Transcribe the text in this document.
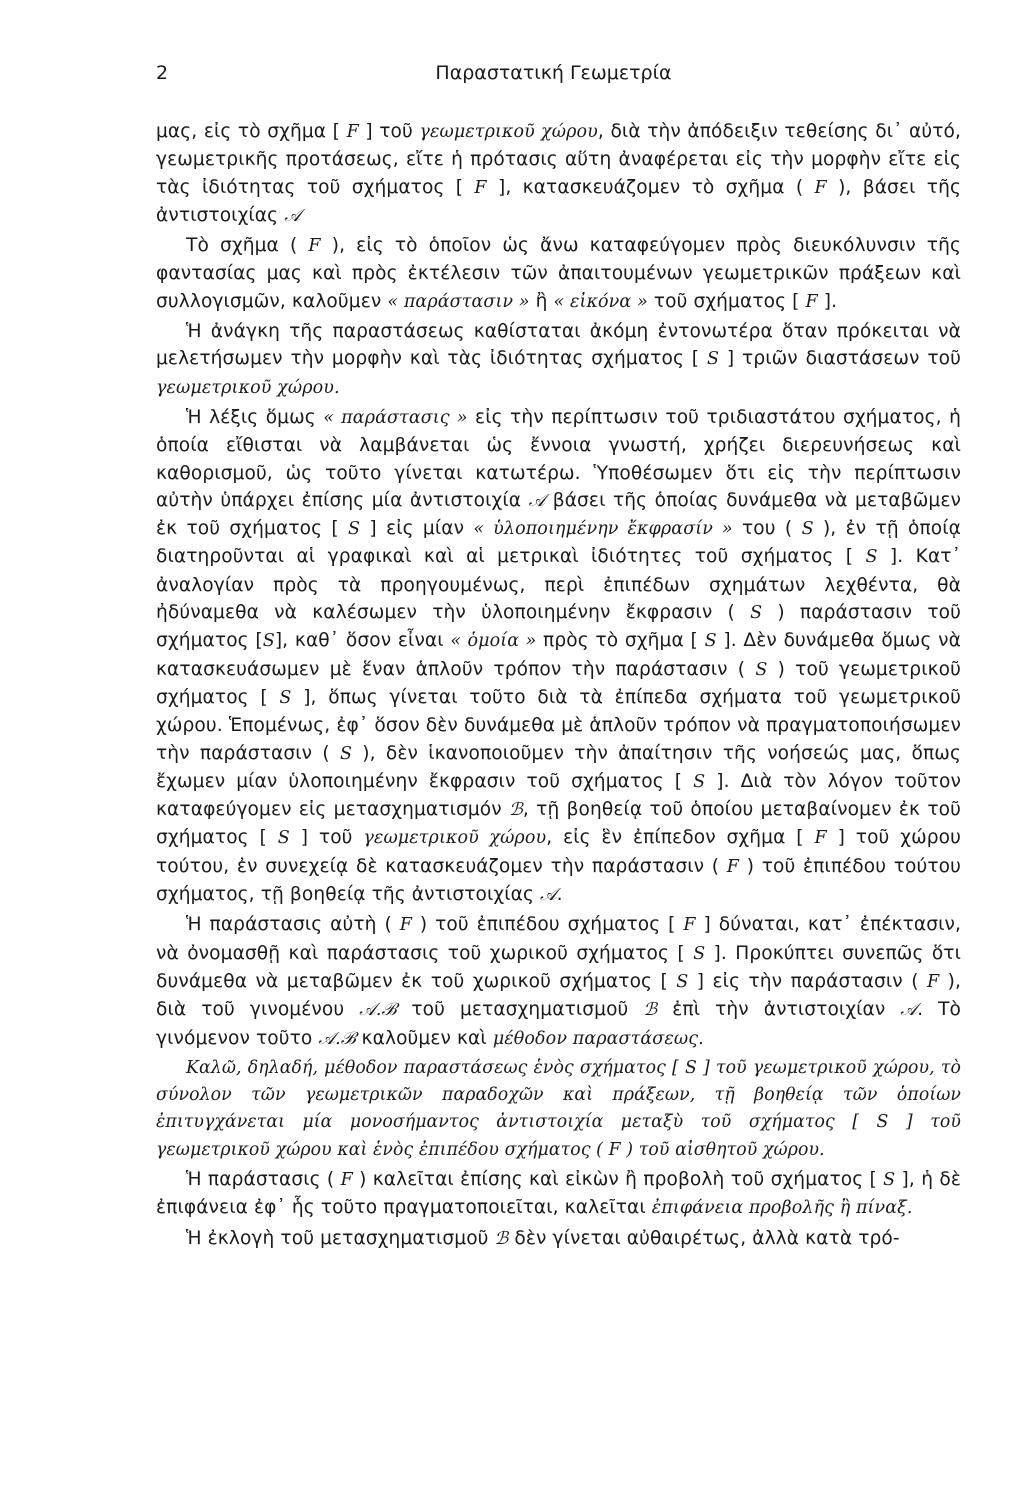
2	Παραστατική Γεωμετρία

μας, εἰς τὸ σχῆμα [ F ] τοῦ γεωμετρικοῦ χώρου, διὰ τὴν ἀπόδειξιν τεθείσης δι᾽ αὐτό, γεωμετρικῆς προτάσεως, εἴτε ἡ πρότασις αὕτη ἀναφέρεται εἰς τὴν μορφὴν εἴτε εἰς τὰς ἰδιότητας τοῦ σχήματος [ F ], κατασκευάζομεν τὸ σχῆμα ( F ), βάσει τῆς ἀντιστοιχίας 𝒜

Τὸ σχῆμα ( F ), εἰς τὸ ὁποῖον ὡς ἄνω καταφεύγομεν πρὸς διευκόλυνσιν τῆς φαντασίας μας καὶ πρὸς ἐκτέλεσιν τῶν ἀπαιτουμένων γεωμετρικῶν πράξεων καὶ συλλογισμῶν, καλοῦμεν « παράστασιν » ἢ « εἰκόνα » τοῦ σχήματος [ F ].

Ἡ ἀνάγκη τῆς παραστάσεως καθίσταται ἀκόμη ἐντονωτέρα ὅταν πρόκειται νὰ μελετήσωμεν τὴν μορφὴν καὶ τὰς ἰδιότητας σχήματος [ S ] τριῶν διαστάσεων τοῦ γεωμετρικοῦ χώρου.

Ἡ λέξις ὅμως « παράστασις » εἰς τὴν περίπτωσιν τοῦ τριδιαστάτου σχήματος, ἡ ὁποία εἴθισται νὰ λαμβάνεται ὡς ἔννοια γνωστή, χρήζει διερευνήσεως καὶ καθορισμοῦ, ὡς τοῦτο γίνεται κατωτέρω. Ὑποθέσωμεν ὅτι εἰς τὴν περίπτωσιν αὐτὴν ὑπάρχει ἐπίσης μία ἀντιστοιχία 𝒜 βάσει τῆς ὁποίας δυνάμεθα νὰ μεταβῶμεν ἐκ τοῦ σχήματος [ S ] εἰς μίαν « ὑλοποιημένην ἔκφρασίν » του ( S ), ἐν τῇ ὁποίᾳ διατηροῦνται αἱ γραφικαὶ καὶ αἱ μετρικαὶ ἰδιότητες τοῦ σχήματος [ S ]. Κατ᾽ ἀναλογίαν πρὸς τὰ προηγουμένως, περὶ ἐπιπέδων σχημάτων λεχθέντα, θὰ ἠδύναμεθα νὰ καλέσωμεν τὴν ὑλοποιημένην ἔκφρασιν ( S ) παράστασιν τοῦ σχήματος [S], καθ᾽ ὅσον εἶναι « ὁμοία » πρὸς τὸ σχῆμα [ S ]. Δὲν δυνάμεθα ὅμως νὰ κατασκευάσωμεν μὲ ἕναν ἁπλοῦν τρόπον τὴν παράστασιν ( S ) τοῦ γεωμετρικοῦ σχήματος [ S ], ὅπως γίνεται τοῦτο διὰ τὰ ἐπίπεδα σχήματα τοῦ γεωμετρικοῦ χώρου. Ἑπομένως, ἐφ᾽ ὅσον δὲν δυνάμεθα μὲ ἁπλοῦν τρόπον νὰ πραγματοποιήσωμεν τὴν παράστασιν ( S ), δὲν ἱκανοποιοῦμεν τὴν ἀπαίτησιν τῆς νοήσεώς μας, ὅπως ἔχωμεν μίαν ὑλοποιημένην ἔκφρασιν τοῦ σχήματος [ S ]. Διὰ τὸν λόγον τοῦτον καταφεύγομεν εἰς μετασχηματισμόν ℬ, τῇ βοηθείᾳ τοῦ ὁποίου μεταβαίνομεν ἐκ τοῦ σχήματος [ S ] τοῦ γεωμετρικοῦ χώρου, εἰς ἓν ἐπίπεδον σχῆμα [ F ] τοῦ χώρου τούτου, ἐν συνεχείᾳ δὲ κατασκευάζομεν τὴν παράστασιν ( F ) τοῦ ἐπιπέδου τούτου σχήματος, τῇ βοηθείᾳ τῆς ἀντιστοιχίας 𝒜.

Ἡ παράστασις αὐτὴ ( F ) τοῦ ἐπιπέδου σχήματος [ F ] δύναται, κατ᾽ ἐπέκτασιν, νὰ ὀνομασθῇ καὶ παράστασις τοῦ χωρικοῦ σχήματος [ S ]. Προκύπτει συνεπῶς ὅτι δυνάμεθα νὰ μεταβῶμεν ἐκ τοῦ χωρικοῦ σχήματος [ S ] εἰς τὴν παράστασιν ( F ), διὰ τοῦ γινομένου 𝒜.ℬ τοῦ μετασχηματισμοῦ ℬ ἐπὶ τὴν ἀντιστοιχίαν 𝒜. Τὸ γινόμενον τοῦτο 𝒜.ℬ καλοῦμεν καὶ μέθοδον παραστάσεως.

Καλῶ, δηλαδή, μέθοδον παραστάσεως ἑνὸς σχήματος [ S ] τοῦ γεωμετρικοῦ χώρου, τὸ σύνολον τῶν γεωμετρικῶν παραδοχῶν καὶ πράξεων, τῇ βοηθείᾳ τῶν ὁποίων ἐπιτυγχάνεται μία μονοσήμαντος ἀντιστοιχία μεταξὺ τοῦ σχήματος [ S ] τοῦ γεωμετρικοῦ χώρου καὶ ἑνὸς ἐπιπέδου σχήματος ( F ) τοῦ αἰσθητοῦ χώρου.

Ἡ παράστασις ( F ) καλεῖται ἐπίσης καὶ εἰκὼν ἢ προβολὴ τοῦ σχήματος [ S ], ἡ δὲ ἐπιφάνεια ἐφ᾽ ἧς τοῦτο πραγματοποιεῖται, καλεῖται ἐπιφάνεια προβολῆς ἢ πίναξ.

Ἡ ἐκλογὴ τοῦ μετασχηματισμοῦ ℬ δὲν γίνεται αὐθαιρέτως, ἀλλὰ κατὰ τρό-
